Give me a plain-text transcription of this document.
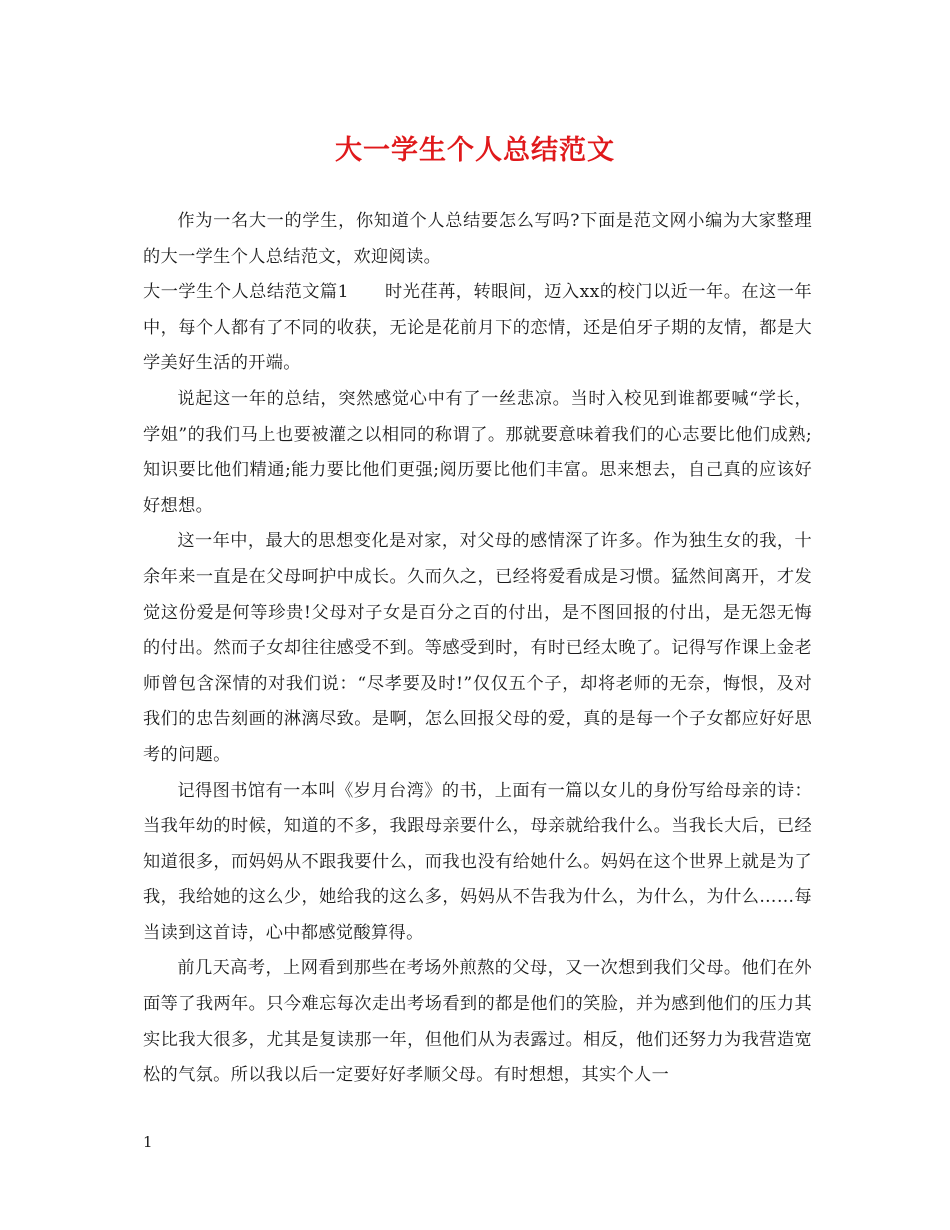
大一学生个人总结范文

作为一名大一的学生，你知道个人总结要怎么写吗?下面是范文网小编为大家整理的大一学生个人总结范文，欢迎阅读。

大一学生个人总结范文篇1 时光荏苒，转眼间，迈入xx的校门以近一年。在这一年中，每个人都有了不同的收获，无论是花前月下的恋情，还是伯牙子期的友情，都是大学美好生活的开端。

说起这一年的总结，突然感觉心中有了一丝悲凉。当时入校见到谁都要喊“学长，学姐”的我们马上也要被灌之以相同的称谓了。那就要意味着我们的心志要比他们成熟;知识要比他们精通;能力要比他们更强;阅历要比他们丰富。思来想去，自己真的应该好好想想。

这一年中，最大的思想变化是对家，对父母的感情深了许多。作为独生女的我，十余年来一直是在父母呵护中成长。久而久之，已经将爱看成是习惯。猛然间离开，才发觉这份爱是何等珍贵!父母对子女是百分之百的付出，是不图回报的付出，是无怨无悔的付出。然而子女却往往感受不到。等感受到时，有时已经太晚了。记得写作课上金老师曾包含深情的对我们说：“尽孝要及时!”仅仅五个子，却将老师的无奈，悔恨，及对我们的忠告刻画的淋漓尽致。是啊，怎么回报父母的爱，真的是每一个子女都应好好思考的问题。

记得图书馆有一本叫《岁月台湾》的书，上面有一篇以女儿的身份写给母亲的诗：当我年幼的时候，知道的不多，我跟母亲要什么，母亲就给我什么。当我长大后，已经知道很多，而妈妈从不跟我要什么，而我也没有给她什么。妈妈在这个世界上就是为了我，我给她的这么少，她给我的这么多，妈妈从不告我为什么，为什么，为什么……每当读到这首诗，心中都感觉酸算得。

前几天高考，上网看到那些在考场外煎熬的父母，又一次想到我们父母。他们在外面等了我两年。只今难忘每次走出考场看到的都是他们的笑脸，并为感到他们的压力其实比我大很多，尤其是复读那一年，但他们从为表露过。相反，他们还努力为我营造宽松的气氛。所以我以后一定要好好孝顺父母。有时想想，其实个人一

1
